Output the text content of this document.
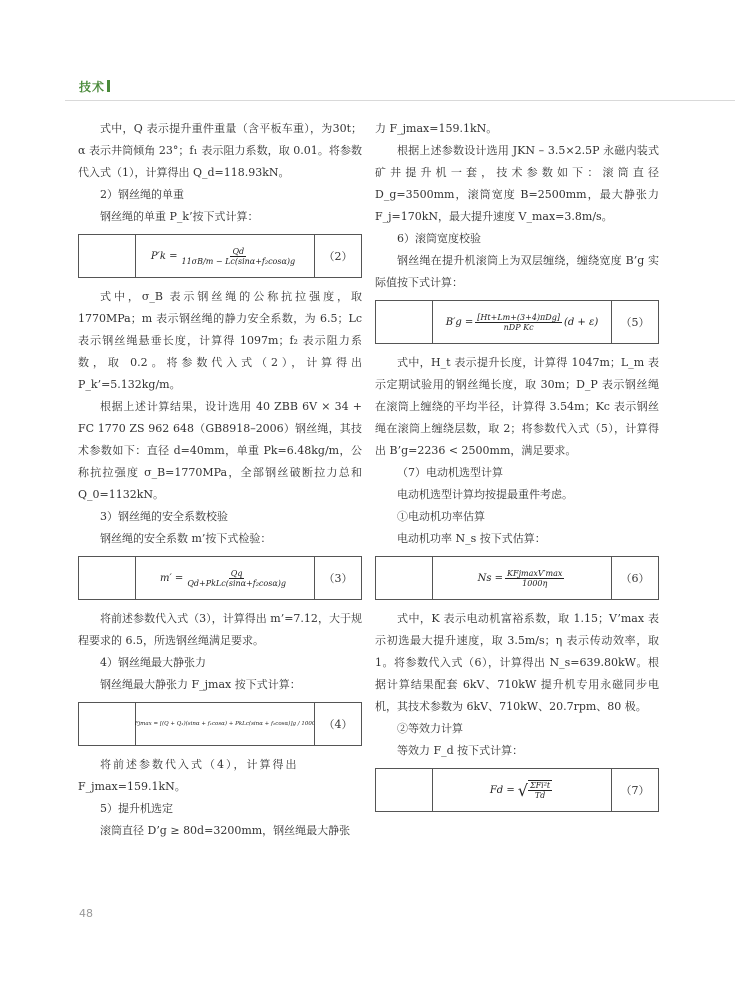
技术

式中，Q 表示提升重件重量（含平板车重），为30t；α 表示井筒倾角 23°；f₁ 表示阻力系数，取 0.01。将参数代入式（1），计算得出 Q_d=118.93kN。

2）钢丝绳的单重

钢丝绳的单重 P_k’按下式计算：

$P'k = \frac{Qd}{\text{11σB/m − Lc(sinα+f₂cosα)g}}$	（2）

式中，σ_B 表示钢丝绳的公称抗拉强度，取1770MPa；m 表示钢丝绳的静力安全系数，为 6.5；Lc 表示钢丝绳悬垂长度，计算得 1097m；f₂ 表示阻力系数，取 0.2。将参数代入式（2），计算得出 P_k’=5.132kg/m。

根据上述计算结果，设计选用 40 ZBB 6V × 34 + FC 1770 ZS 962 648（GB8918–2006）钢丝绳，其技术参数如下：直径 d=40mm，单重 Pk=6.48kg/m，公称抗拉强度 σ_B=1770MPa，全部钢丝破断拉力总和 Q_0=1132kN。

3）钢丝绳的安全系数校验

钢丝绳的安全系数 m’按下式检验：

$m' = \frac{Qq}{\text{Qd+PkLc(sinα+f₂cosα)g}}$	（3）

将前述参数代入式（3），计算得出 m’=7.12，大于规程要求的 6.5，所选钢丝绳满足要求。

4）钢丝绳最大静张力

钢丝绳最大静张力 F_jmax 按下式计算：

Fjmax = [(Q + Q₁)(sinα + f₁cosα) + PkLc(sinα + f₂cosα)]g / 1000 （4）

将前述参数代入式（4），计算得出

F_jmax=159.1kN。

5）提升机选定

滚筒直径 D’g ≥ 80d=3200mm，钢丝绳最大静张

力 F_jmax=159.1kN。

根据上述参数设计选用 JKN – 3.5×2.5P 永磁内装式矿井提升机一套，技术参数如下：滚筒直径 D_g=3500mm，滚筒宽度 B=2500mm，最大静张力 F_j=170kN，最大提升速度 V_max=3.8m/s。

6）滚筒宽度校验

钢丝绳在提升机滚筒上为双层缠绕，缠绕宽度 B’g 实际值按下式计算：

$B'g = \frac{\text{[Ht+Lm+(3+4)πDg]}}{\text{nDP Kc}} (d + \varepsilon)$	（5）

式中，H_t 表示提升长度，计算得 1047m；L_m 表示定期试验用的钢丝绳长度，取 30m；D_P 表示钢丝绳在滚筒上缠绕的平均半径，计算得 3.54m；Kc 表示钢丝绳在滚筒上缠绕层数，取 2；将参数代入式（5），计算得出 B’g=2236 < 2500mm，满足要求。

（7）电动机选型计算

电动机选型计算均按提最重件考虑。

①电动机功率估算

电动机功率 N_s 按下式估算：

$Ns = \frac{\text{KFjmaxV′max}}{1000\eta}$	（6）

式中，K 表示电动机富裕系数，取 1.15；V’max 表示初选最大提升速度，取 3.5m/s；η 表示传动效率，取 1。将参数代入式（6），计算得出 N_s=639.80kW。根据计算结果配套 6kV、710kW 提升机专用永磁同步电机，其技术参数为 6kV、710kW、20.7rpm、80 极。

②等效力计算

等效力 F_d 按下式计算：

Fd = √ $\frac{\text{ΣFi²t}}{Td}$	（7）
48
